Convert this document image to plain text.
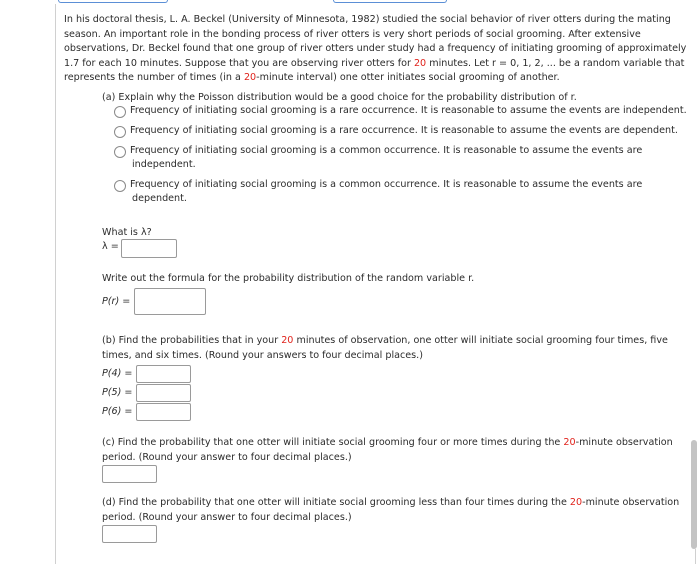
In his doctoral thesis, L. A. Beckel (University of Minnesota, 1982) studied the social behavior of river otters during the mating

season. An important role in the bonding process of river otters is very short periods of social grooming. After extensive

observations, Dr. Beckel found that one group of river otters under study had a frequency of initiating grooming of approximately

1.7 for each 10 minutes. Suppose that you are observing river otters for 20 minutes. Let r = 0, 1, 2, ... be a random variable that

represents the number of times (in a 20-minute interval) one otter initiates social grooming of another.

(a) Explain why the Poisson distribution would be a good choice for the probability distribution of r.

Frequency of initiating social grooming is a rare occurrence. It is reasonable to assume the events are independent.

Frequency of initiating social grooming is a rare occurrence. It is reasonable to assume the events are dependent.

Frequency of initiating social grooming is a common occurrence. It is reasonable to assume the events are

independent.

Frequency of initiating social grooming is a common occurrence. It is reasonable to assume the events are

dependent.

What is λ?

λ =

Write out the formula for the probability distribution of the random variable r.

P(r) =

(b) Find the probabilities that in your 20 minutes of observation, one otter will initiate social grooming four times, five

times, and six times. (Round your answers to four decimal places.)

P(4) =

P(5) =

P(6) =

(c) Find the probability that one otter will initiate social grooming four or more times during the 20-minute observation

period. (Round your answer to four decimal places.)

(d) Find the probability that one otter will initiate social grooming less than four times during the 20-minute observation

period. (Round your answer to four decimal places.)
